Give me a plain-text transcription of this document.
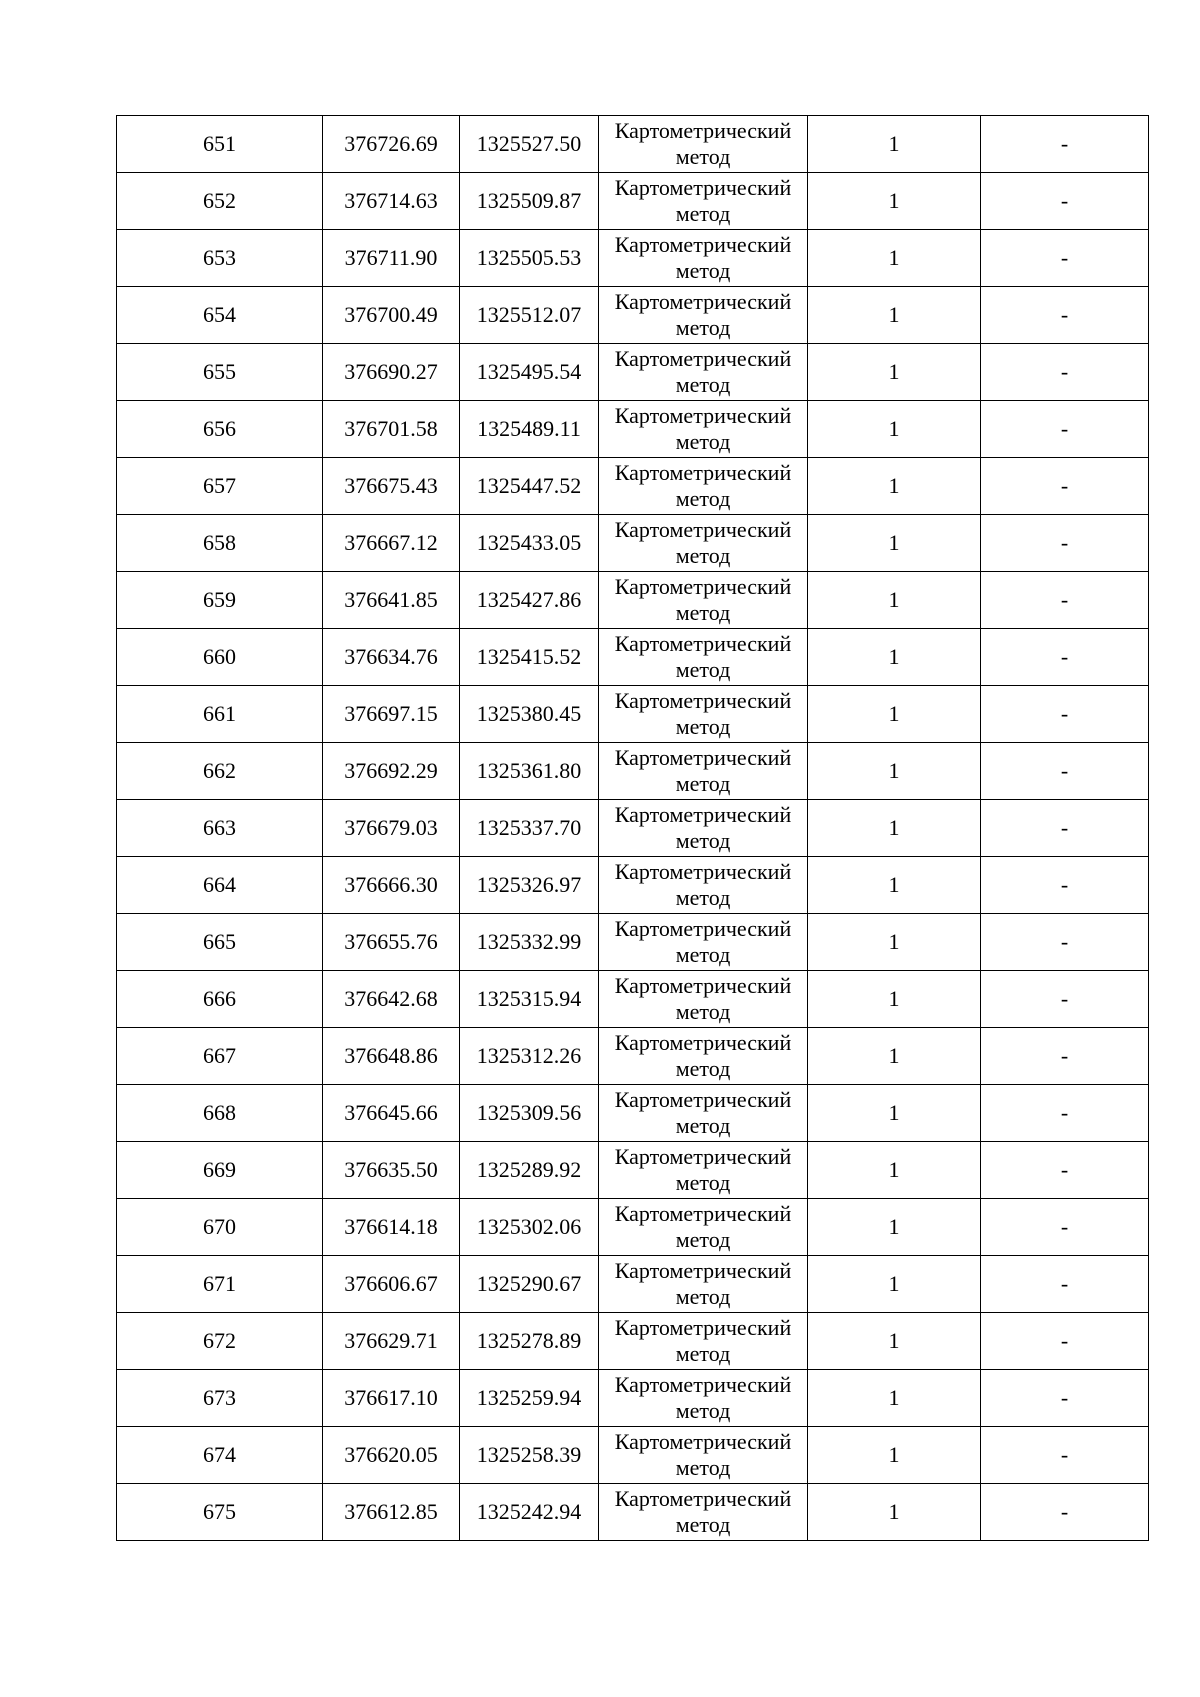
651	376726.69	1325527.50	Картометрический
метод	1	-
652	376714.63	1325509.87	Картометрический
метод	1	-
653	376711.90	1325505.53	Картометрический
метод	1	-
654	376700.49	1325512.07	Картометрический
метод	1	-
655	376690.27	1325495.54	Картометрический
метод	1	-
656	376701.58	1325489.11	Картометрический
метод	1	-
657	376675.43	1325447.52	Картометрический
метод	1	-
658	376667.12	1325433.05	Картометрический
метод	1	-
659	376641.85	1325427.86	Картометрический
метод	1	-
660	376634.76	1325415.52	Картометрический
метод	1	-
661	376697.15	1325380.45	Картометрический
метод	1	-
662	376692.29	1325361.80	Картометрический
метод	1	-
663	376679.03	1325337.70	Картометрический
метод	1	-
664	376666.30	1325326.97	Картометрический
метод	1	-
665	376655.76	1325332.99	Картометрический
метод	1	-
666	376642.68	1325315.94	Картометрический
метод	1	-
667	376648.86	1325312.26	Картометрический
метод	1	-
668	376645.66	1325309.56	Картометрический
метод	1	-
669	376635.50	1325289.92	Картометрический
метод	1	-
670	376614.18	1325302.06	Картометрический
метод	1	-
671	376606.67	1325290.67	Картометрический
метод	1	-
672	376629.71	1325278.89	Картометрический
метод	1	-
673	376617.10	1325259.94	Картометрический
метод	1	-
674	376620.05	1325258.39	Картометрический
метод	1	-
675	376612.85	1325242.94	Картометрический
метод	1	-
